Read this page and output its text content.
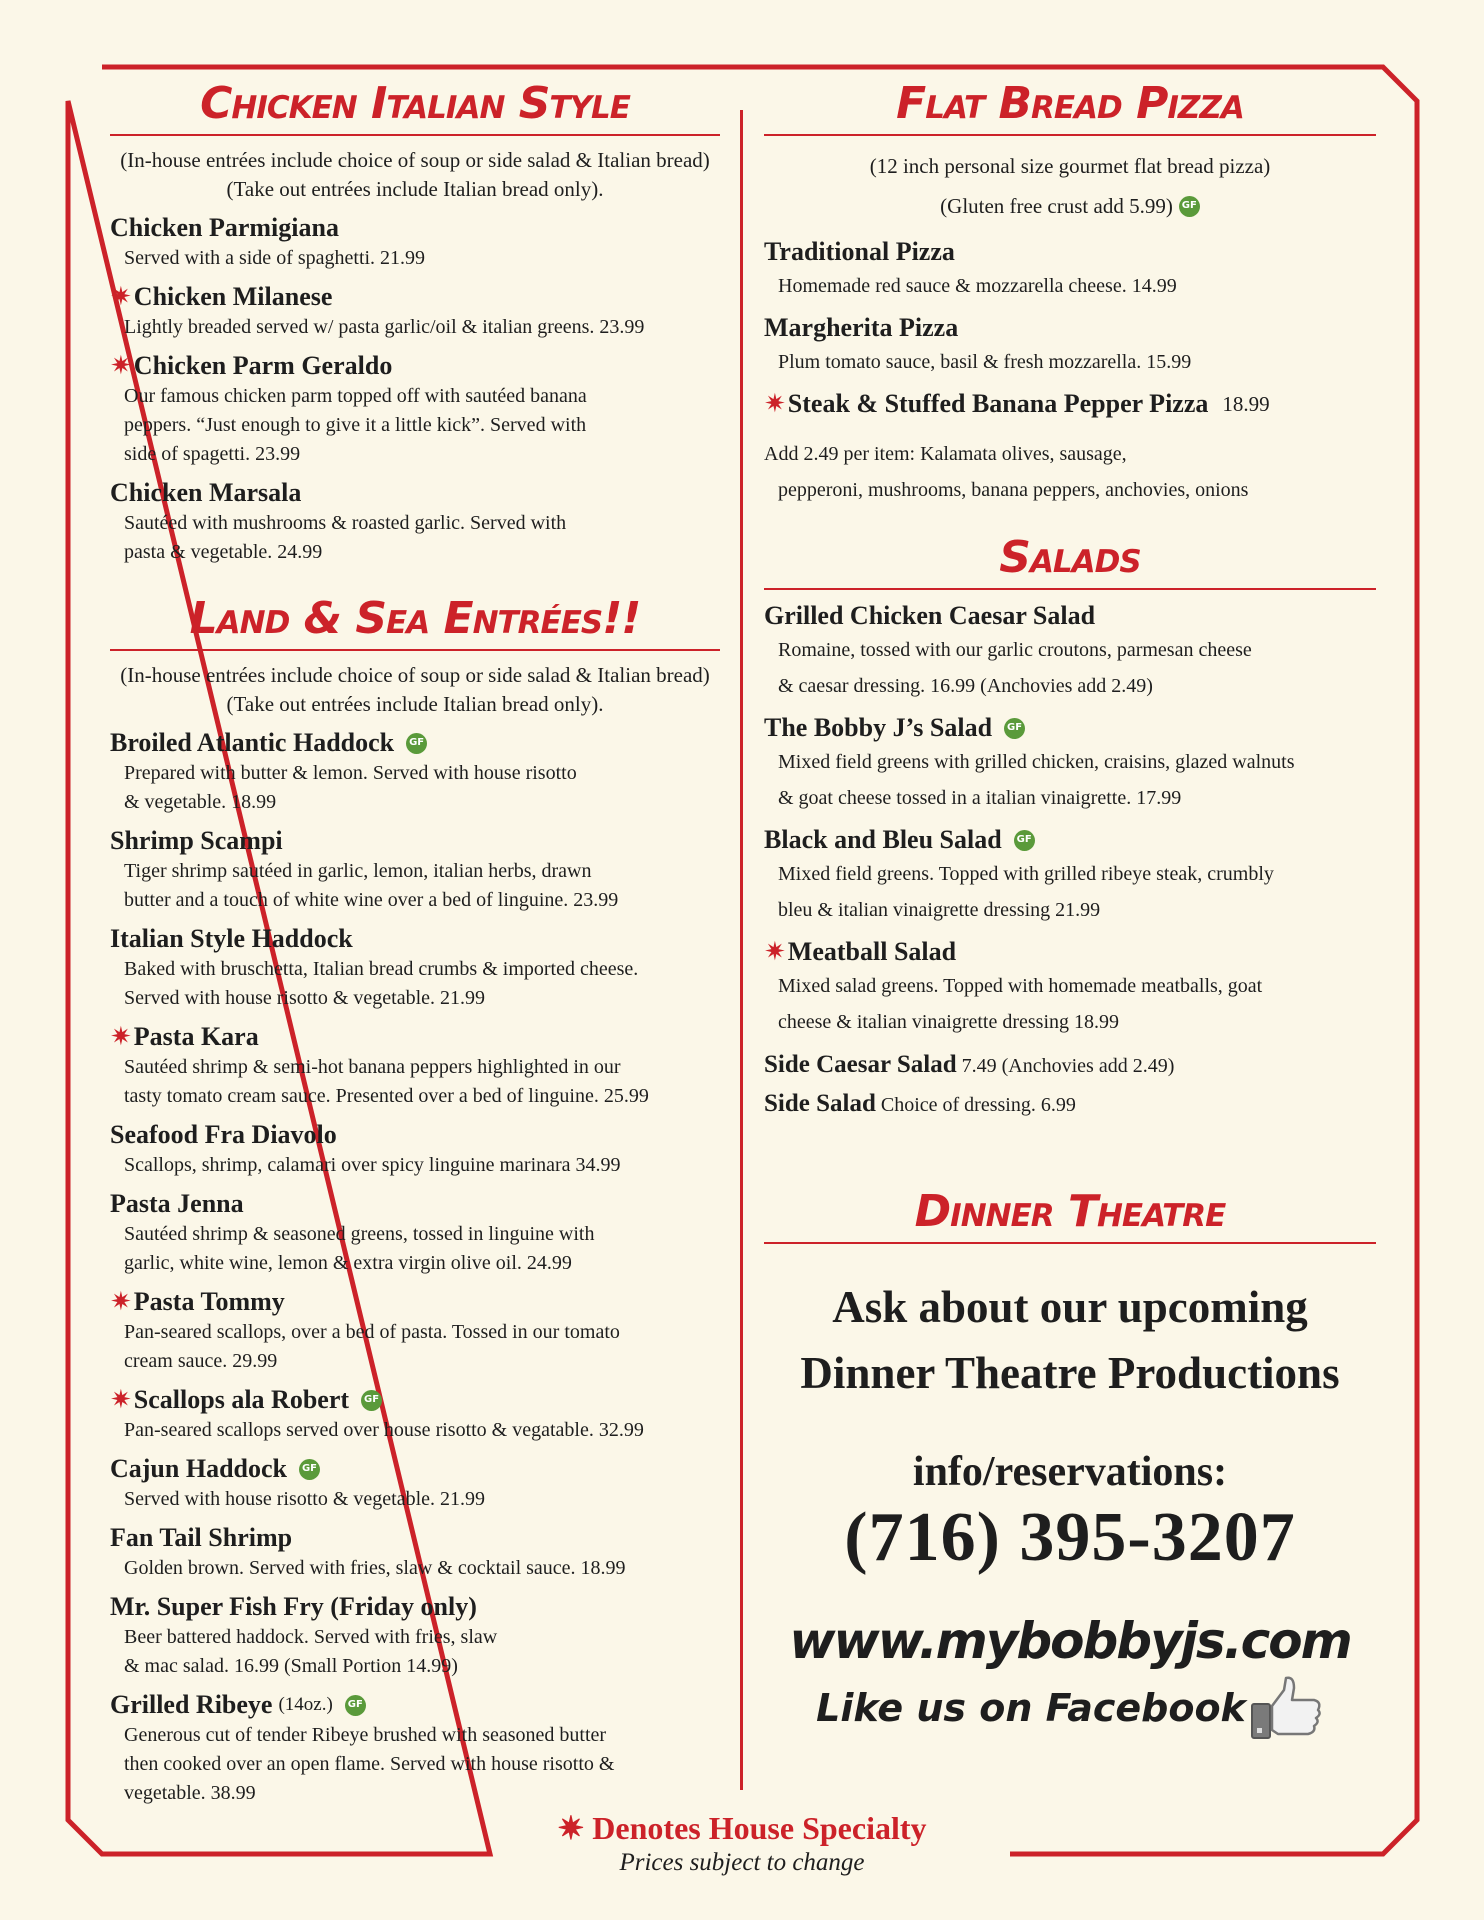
Chicken Italian Style
(In-house entrées include choice of soup or side salad & Italian bread)
(Take out entrées include Italian bread only).
Chicken Parmigiana
Served with a side of spaghetti. 21.99
✷ Chicken Milanese
Lightly breaded served w/ pasta garlic/oil & italian greens. 23.99
✷ Chicken Parm Geraldo
Our famous chicken parm topped off with sautéed banana
peppers. “Just enough to give it a little kick”. Served with
side of spagetti. 23.99
Chicken Marsala
Sautéed with mushrooms & roasted garlic. Served with
pasta & vegetable. 24.99
Land & Sea Entrées!!
(In-house entrées include choice of soup or side salad & Italian bread)
(Take out entrées include Italian bread only).
Broiled Atlantic Haddock GF
Prepared with butter & lemon. Served with house risotto
& vegetable. 18.99
Shrimp Scampi
Tiger shrimp sautéed in garlic, lemon, italian herbs, drawn
butter and a touch of white wine over a bed of linguine. 23.99
Italian Style Haddock
Baked with bruschetta, Italian bread crumbs & imported cheese.
Served with house risotto & vegetable. 21.99
✷ Pasta Kara
Sautéed shrimp & semi-hot banana peppers highlighted in our
tasty tomato cream sauce. Presented over a bed of linguine. 25.99
Seafood Fra Diavolo
Scallops, shrimp, calamari over spicy linguine marinara 34.99
Pasta Jenna
Sautéed shrimp & seasoned greens, tossed in linguine with
garlic, white wine, lemon & extra virgin olive oil. 24.99
✷ Pasta Tommy
Pan-seared scallops, over a bed of pasta. Tossed in our tomato
cream sauce. 29.99
✷ Scallops ala Robert GF
Pan-seared scallops served over house risotto & vegatable. 32.99
Cajun Haddock GF
Served with house risotto & vegetable. 21.99
Fan Tail Shrimp
Golden brown. Served with fries, slaw & cocktail sauce. 18.99
Mr. Super Fish Fry (Friday only)
Beer battered haddock. Served with fries, slaw
& mac salad. 16.99 (Small Portion 14.99)
Grilled Ribeye (14oz.) GF
Generous cut of tender Ribeye brushed with seasoned butter
then cooked over an open flame. Served with house risotto &
vegetable. 38.99
Flat Bread Pizza
(12 inch personal size gourmet flat bread pizza)
(Gluten free crust add 5.99) GF
Traditional Pizza
Homemade red sauce & mozzarella cheese. 14.99
Margherita Pizza
Plum tomato sauce, basil & fresh mozzarella. 15.99
✷ Steak & Stuffed Banana Pepper Pizza 18.99
Add 2.49 per item: Kalamata olives, sausage,
pepperoni, mushrooms, banana peppers, anchovies, onions
Salads
Grilled Chicken Caesar Salad
Romaine, tossed with our garlic croutons, parmesan cheese
& caesar dressing. 16.99 (Anchovies add 2.49)
The Bobby J’s Salad GF
Mixed field greens with grilled chicken, craisins, glazed walnuts
& goat cheese tossed in a italian vinaigrette. 17.99
Black and Bleu Salad GF
Mixed field greens. Topped with grilled ribeye steak, crumbly
bleu & italian vinaigrette dressing 21.99
✷ Meatball Salad
Mixed salad greens. Topped with homemade meatballs, goat
cheese & italian vinaigrette dressing 18.99
Side Caesar Salad 7.49 (Anchovies add 2.49)
Side Salad Choice of dressing. 6.99
Dinner Theatre
Ask about our upcoming
Dinner Theatre Productions
info/reservations:
(716) 395-3207
www.mybobbyjs.com
Like us on Facebook
✷ Denotes House Specialty
Prices subject to change
